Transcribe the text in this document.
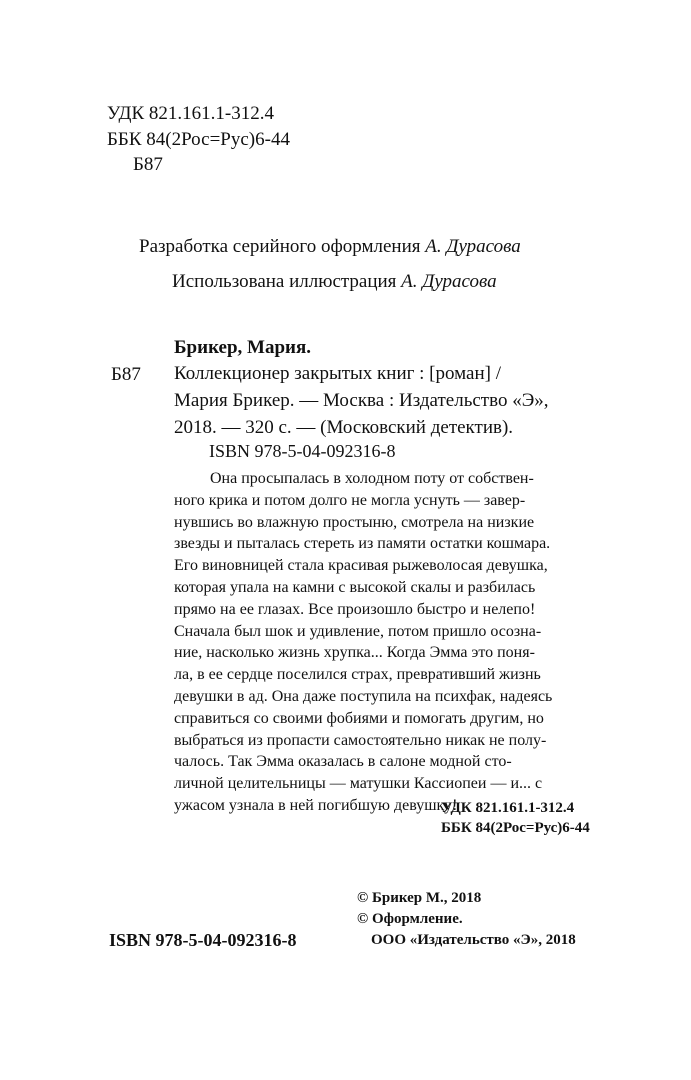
УДК 821.161.1-312.4
ББК 84(2Рос=Рус)6-44
Б87
Разработка серийного оформления А. Дурасова
Использована иллюстрация А. Дурасова
Брикер, Мария.
Б87 Коллекционер закрытых книг : [роман] /
Мария Брикер. — Москва : Издательство «Э»,
2018. — 320 с. — (Московский детектив).
ISBN 978-5-04-092316-8
Она просыпалась в холодном поту от собствен-
ного крика и потом долго не могла уснуть — завер-
нувшись во влажную простыню, смотрела на низкие
звезды и пыталась стереть из памяти остатки кошмара.
Его виновницей стала красивая рыжеволосая девушка,
которая упала на камни с высокой скалы и разбилась
прямо на ее глазах. Все произошло быстро и нелепо!
Сначала был шок и удивление, потом пришло осозна-
ние, насколько жизнь хрупка... Когда Эмма это поня-
ла, в ее сердце поселился страх, превративший жизнь
девушки в ад. Она даже поступила на психфак, надеясь
справиться со своими фобиями и помогать другим, но
выбраться из пропасти самостоятельно никак не полу-
чалось. Так Эмма оказалась в салоне модной сто-
личной целительницы — матушки Кассиопеи — и... с
ужасом узнала в ней погибшую девушку!
УДК 821.161.1-312.4
ББК 84(2Рос=Рус)6-44
© Брикер М., 2018
© Оформление.
ООО «Издательство «Э», 2018
ISBN 978-5-04-092316-8
